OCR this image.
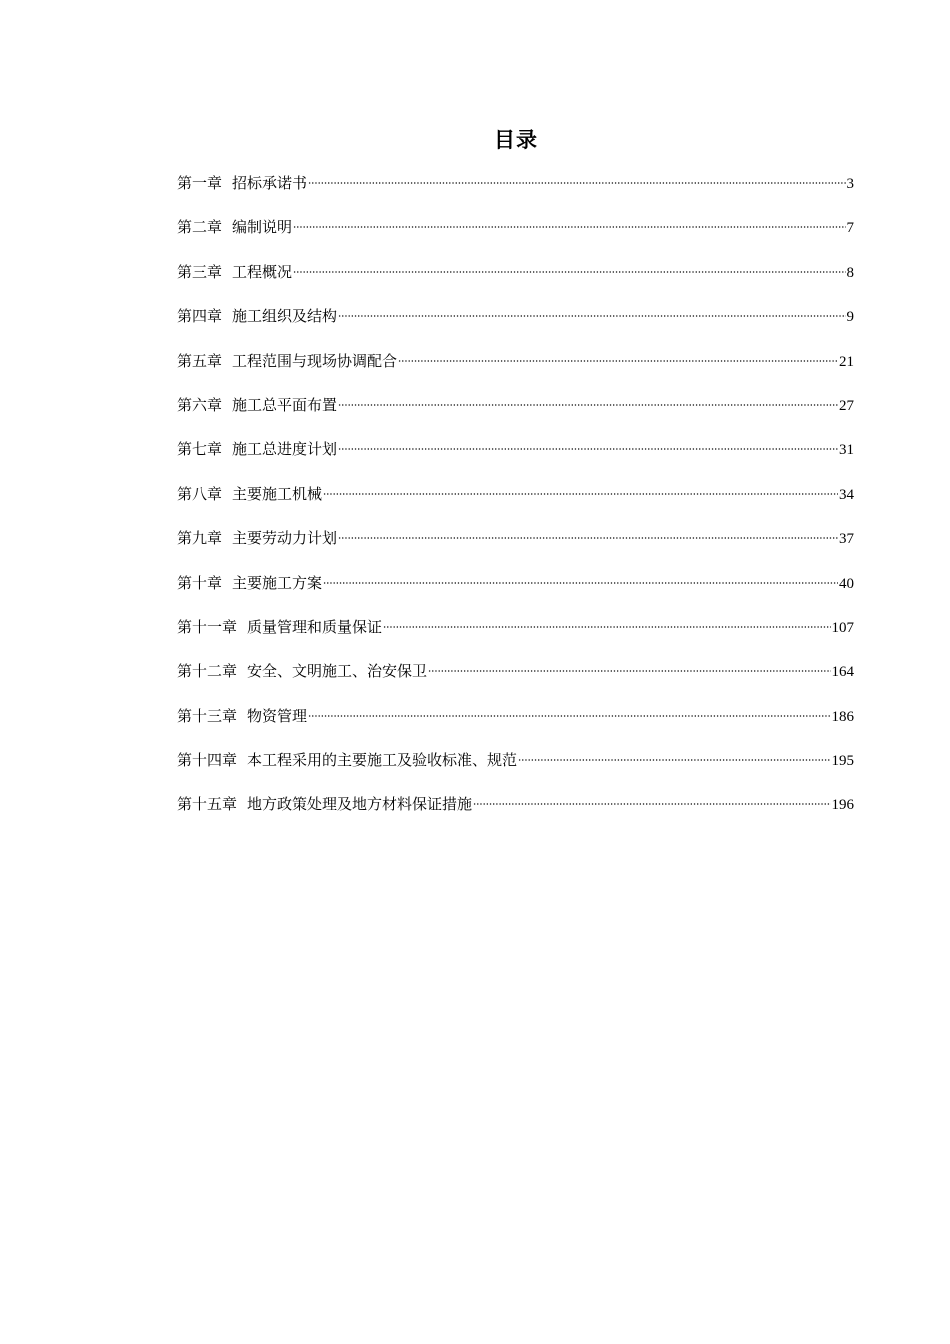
目录
第一章 招标承诺书	3
第二章 编制说明	7
第三章 工程概况	8
第四章 施工组织及结构	9
第五章 工程范围与现场协调配合	21
第六章 施工总平面布置	27
第七章 施工总进度计划	31
第八章 主要施工机械	34
第九章 主要劳动力计划	37
第十章 主要施工方案	40
第十一章 质量管理和质量保证	107
第十二章 安全、文明施工、治安保卫	164
第十三章 物资管理	186
第十四章 本工程采用的主要施工及验收标准、规范	195
第十五章 地方政策处理及地方材料保证措施	196
